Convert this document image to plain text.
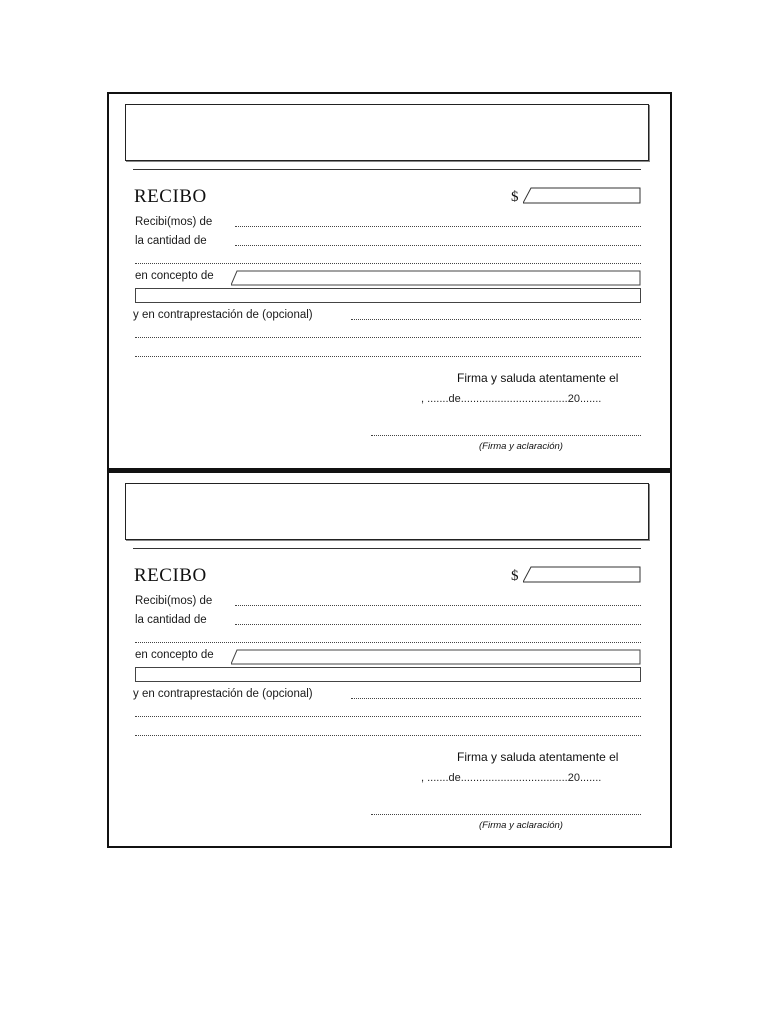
RECIBO	$
Recibi(mos) de
la cantidad de
en concepto de
y en contraprestación de (opcional)
Firma y saluda atentamente el
, .......de...................................20.......
(Firma y aclaración)
RECIBO	$
Recibi(mos) de
la cantidad de
en concepto de
y en contraprestación de (opcional)
Firma y saluda atentamente el
, .......de...................................20.......
(Firma y aclaración)
